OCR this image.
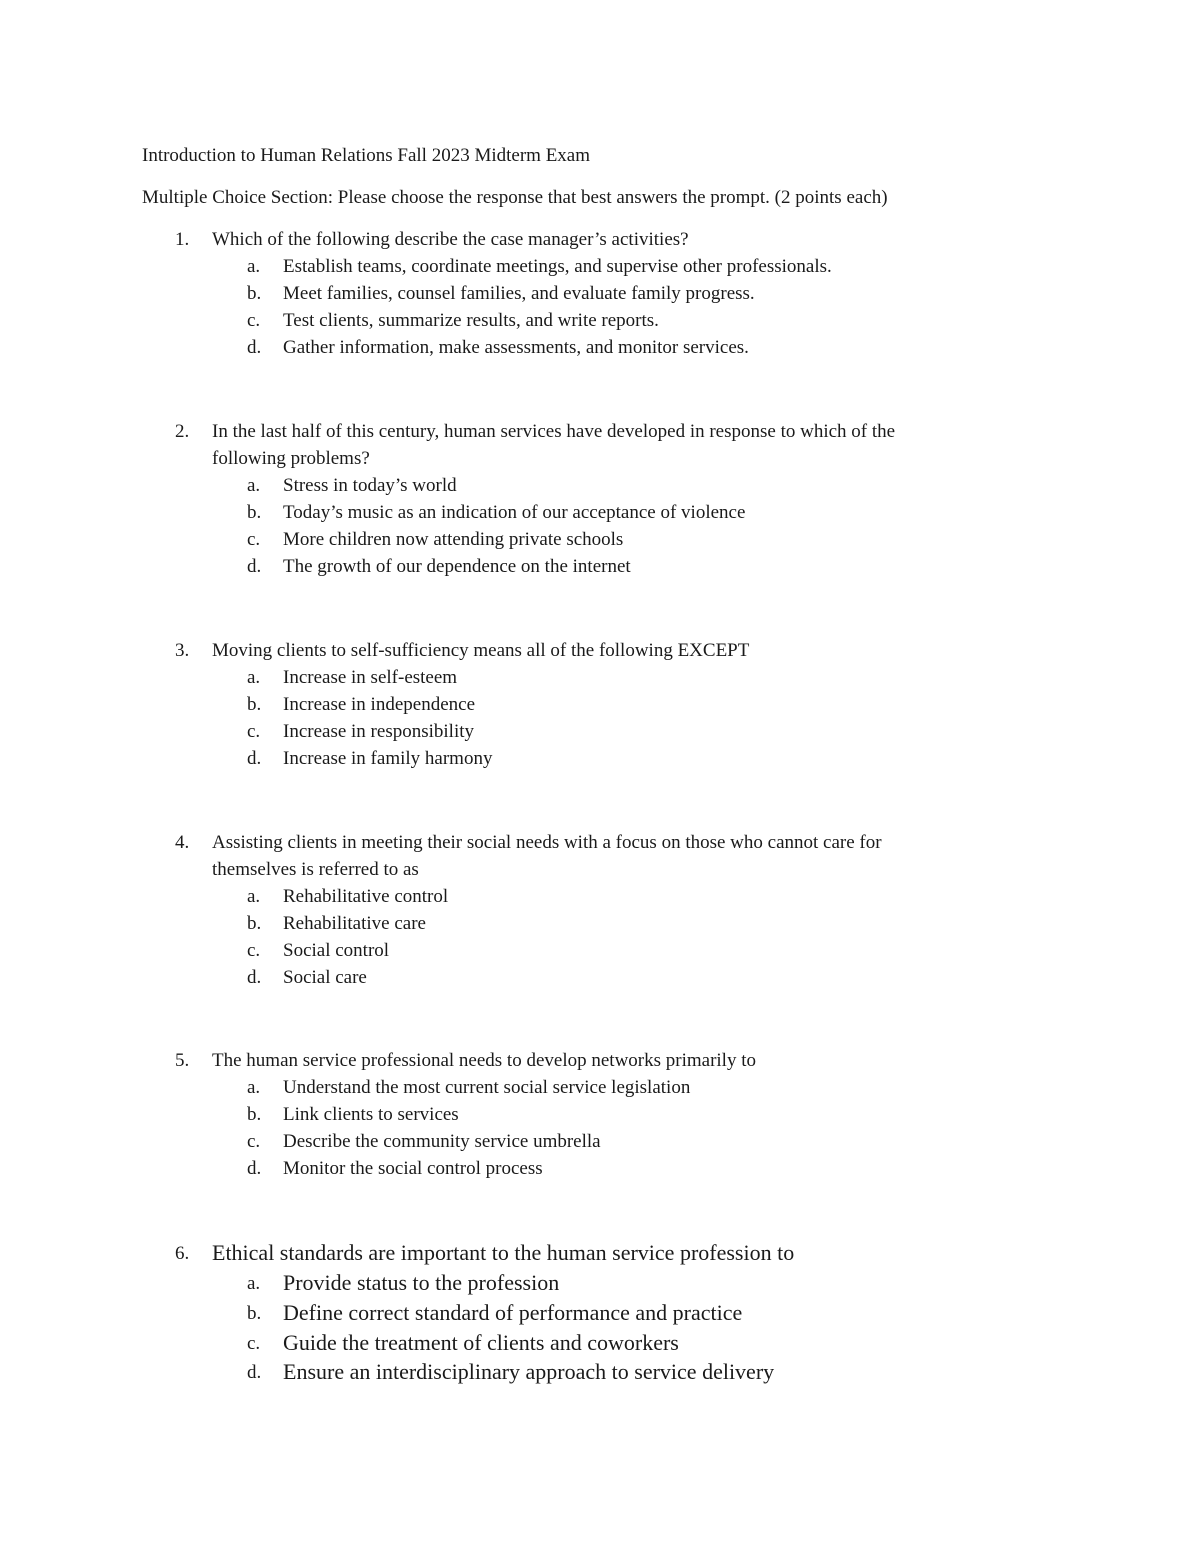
Introduction to Human Relations Fall 2023 Midterm Exam
Multiple Choice Section: Please choose the response that best answers the prompt. (2 points each)
1. Which of the following describe the case manager’s activities?
a. Establish teams, coordinate meetings, and supervise other professionals.
b. Meet families, counsel families, and evaluate family progress.
c. Test clients, summarize results, and write reports.
d. Gather information, make assessments, and monitor services.
2. In the last half of this century, human services have developed in response to which of the
following problems?
a. Stress in today’s world
b. Today’s music as an indication of our acceptance of violence
c. More children now attending private schools
d. The growth of our dependence on the internet
3. Moving clients to self-sufficiency means all of the following EXCEPT
a. Increase in self-esteem
b. Increase in independence
c. Increase in responsibility
d. Increase in family harmony
4. Assisting clients in meeting their social needs with a focus on those who cannot care for
themselves is referred to as
a. Rehabilitative control
b. Rehabilitative care
c. Social control
d. Social care
5. The human service professional needs to develop networks primarily to
a. Understand the most current social service legislation
b. Link clients to services
c. Describe the community service umbrella
d. Monitor the social control process
6. Ethical standards are important to the human service profession to
a. Provide status to the profession
b. Define correct standard of performance and practice
c. Guide the treatment of clients and coworkers
d. Ensure an interdisciplinary approach to service delivery
